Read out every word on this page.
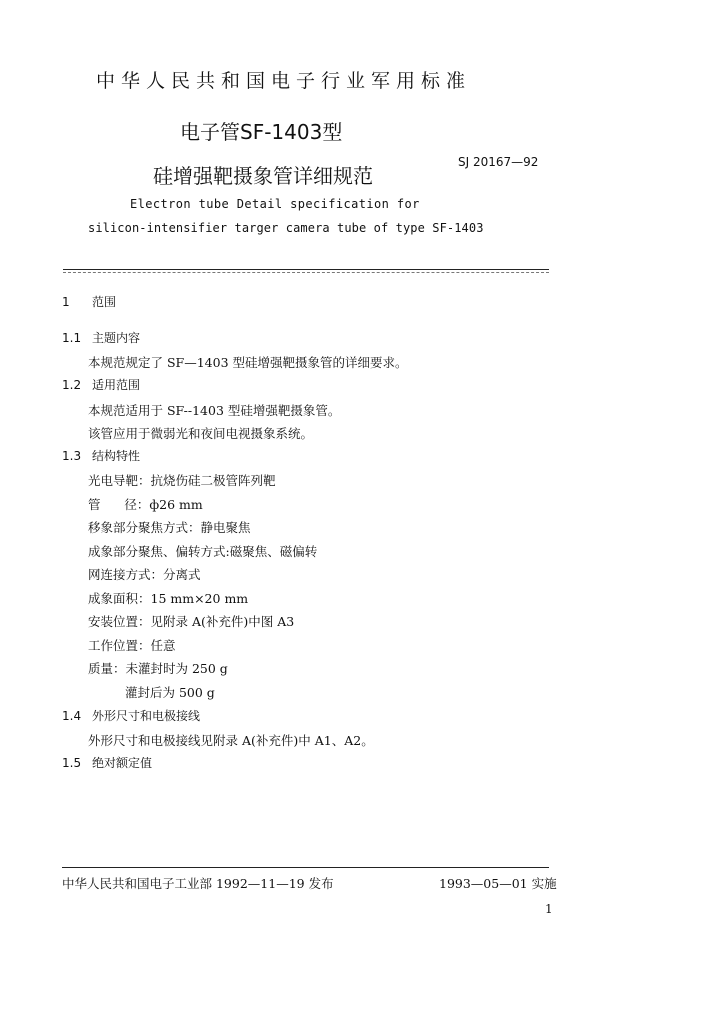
中华人民共和国电子行业军用标准
电子管SF-1403型
硅增强靶摄象管详细规范
SJ 20167—92
Electron tube Detail specification for
silicon-intensifier targer camera tube of type SF-1403
1 范围
1.1 主题内容
本规范规定了 SF—1403 型硅增强靶摄象管的详细要求。
1.2 适用范围
本规范适用于 SF--1403 型硅增强靶摄象管。
该管应用于微弱光和夜间电视摄象系统。
1.3 结构特性
光电导靶：抗烧伤硅二极管阵列靶
管      径：ф26 mm
移象部分聚焦方式：静电聚焦
成象部分聚焦、偏转方式:磁聚焦、磁偏转
网连接方式：分离式
成象面积：15 mm×20 mm
安装位置：见附录 A(补充件)中图 A3
工作位置：任意
质量：未灌封时为 250 g
灌封后为 500 g
1.4 外形尺寸和电极接线
外形尺寸和电极接线见附录 A(补充件)中 A1、A2。
1.5 绝对额定值
中华人民共和国电子工业部 1992—11—19 发布	1993—05—01 实施
1
